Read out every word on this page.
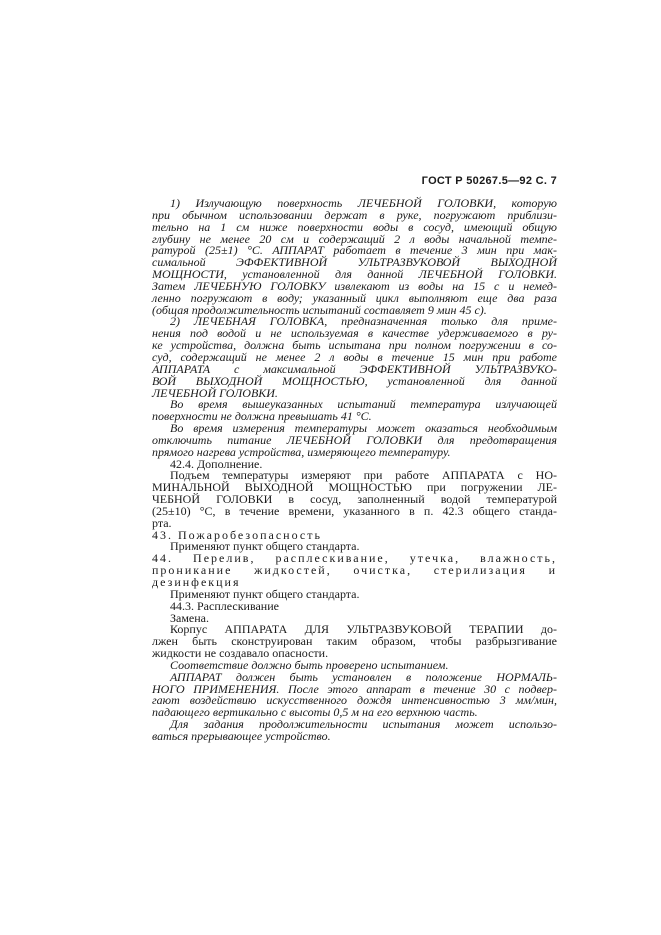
ГОСТ Р 50267.5—92 С. 7
1) Излучающую поверхность ЛЕЧЕБНОЙ ГОЛОВКИ, которую
при обычном использовании держат в руке, погружают приблизи-
тельно на 1 см ниже поверхности воды в сосуд, имеющий общую
глубину не менее 20 см и содержащий 2 л воды начальной темпе-
ратурой (25±1) °C. АППАРАТ работает в течение 3 мин при мак-
симальной ЭФФЕКТИВНОЙ УЛЬТРАЗВУКОВОЙ ВЫХОДНОЙ
МОЩНОСТИ, установленной для данной ЛЕЧЕБНОЙ ГОЛОВКИ.
Затем ЛЕЧЕБНУЮ ГОЛОВКУ извлекают из воды на 15 с и немед-
ленно погружают в воду; указанный цикл выполняют еще два раза
(общая продолжительность испытаний составляет 9 мин 45 с).
2) ЛЕЧЕБНАЯ ГОЛОВКА, предназначенная только для приме-
нения под водой и не используемая в качестве удерживаемого в ру-
ке устройства, должна быть испытана при полном погружении в со-
суд, содержащий не менее 2 л воды в течение 15 мин при работе
АППАРАТА с максимальной ЭФФЕКТИВНОЙ УЛЬТРАЗВУКО-
ВОЙ ВЫХОДНОЙ МОЩНОСТЬЮ, установленной для данной
ЛЕЧЕБНОЙ ГОЛОВКИ.
Во время вышеуказанных испытаний температура излучающей
поверхности не должна превышать 41 °C.
Во время измерения температуры может оказаться необходимым
отключить питание ЛЕЧЕБНОЙ ГОЛОВКИ для предотвращения
прямого нагрева устройства, измеряющего температуру.
42.4. Дополнение.
Подъем температуры измеряют при работе АППАРАТА с НО-
МИНАЛЬНОЙ ВЫХОДНОЙ МОЩНОСТЬЮ при погружении ЛЕ-
ЧЕБНОЙ ГОЛОВКИ в сосуд, заполненный водой температурой
(25±10) °C, в течение времени, указанного в п. 42.3 общего станда-
рта.
43. Пожаробезопасность
Применяют пункт общего стандарта.
44. Перелив, расплескивание, утечка, влажность,
проникание жидкостей, очистка, стерилизация и
дезинфекция
Применяют пункт общего стандарта.
44.3. Расплескивание
Замена.
Корпус АППАРАТА ДЛЯ УЛЬТРАЗВУКОВОЙ ТЕРАПИИ до-
лжен быть сконструирован таким образом, чтобы разбрызгивание
жидкости не создавало опасности.
Соответствие должно быть проверено испытанием.
АППАРАТ должен быть установлен в положение НОРМАЛЬ-
НОГО ПРИМЕНЕНИЯ. После этого аппарат в течение 30 с подвер-
гают воздействию искусственного дождя интенсивностью 3 мм/мин,
падающего вертикально с высоты 0,5 м на его верхнюю часть.
Для задания продолжительности испытания может использо-
ваться прерывающее устройство.
